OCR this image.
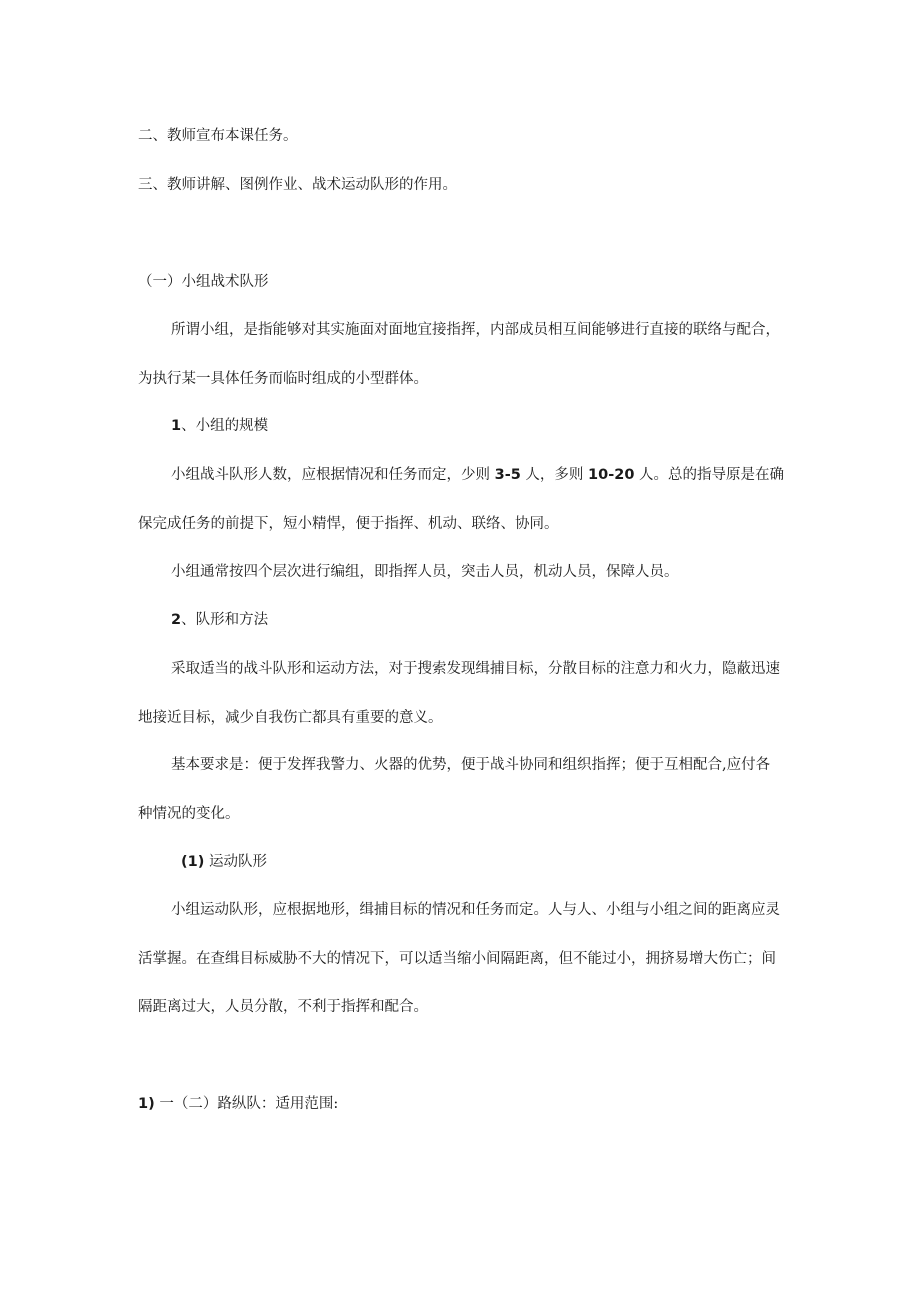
二、教师宣布本课任务。
三、教师讲解、图例作业、战术运动队形的作用。
（一）小组战术队形
所谓小组，是指能够对其实施面对面地宜接指挥，内部成员相互间能够进行直接的联络与配合，
为执行某一具体任务而临时组成的小型群体。
1、小组的规模
小组战斗队形人数，应根据情况和任务而定，少则 3-5 人，多则 10-20 人。总的指导原是在确
保完成任务的前提下，短小精悍，便于指挥、机动、联络、协同。
小组通常按四个层次进行编组，即指挥人员，突击人员，机动人员，保障人员。
2、队形和方法
采取适当的战斗队形和运动方法，对于搜索发现缉捕目标，分散目标的注意力和火力，隐蔽迅速
地接近目标，减少自我伤亡都具有重要的意义。
基本要求是：便于发挥我警力、火器的优势，便于战斗协同和组织指挥；便于互相配合,应付各
种情况的变化。
(1) 运动队形
小组运动队形，应根据地形，缉捕目标的情况和任务而定。人与人、小组与小组之间的距离应灵
活掌握。在查缉目标威胁不大的情况下，可以适当缩小间隔距离，但不能过小，拥挤易增大伤亡；间
隔距离过大，人员分散，不利于指挥和配合。
1) 一（二）路纵队：适用范围:
